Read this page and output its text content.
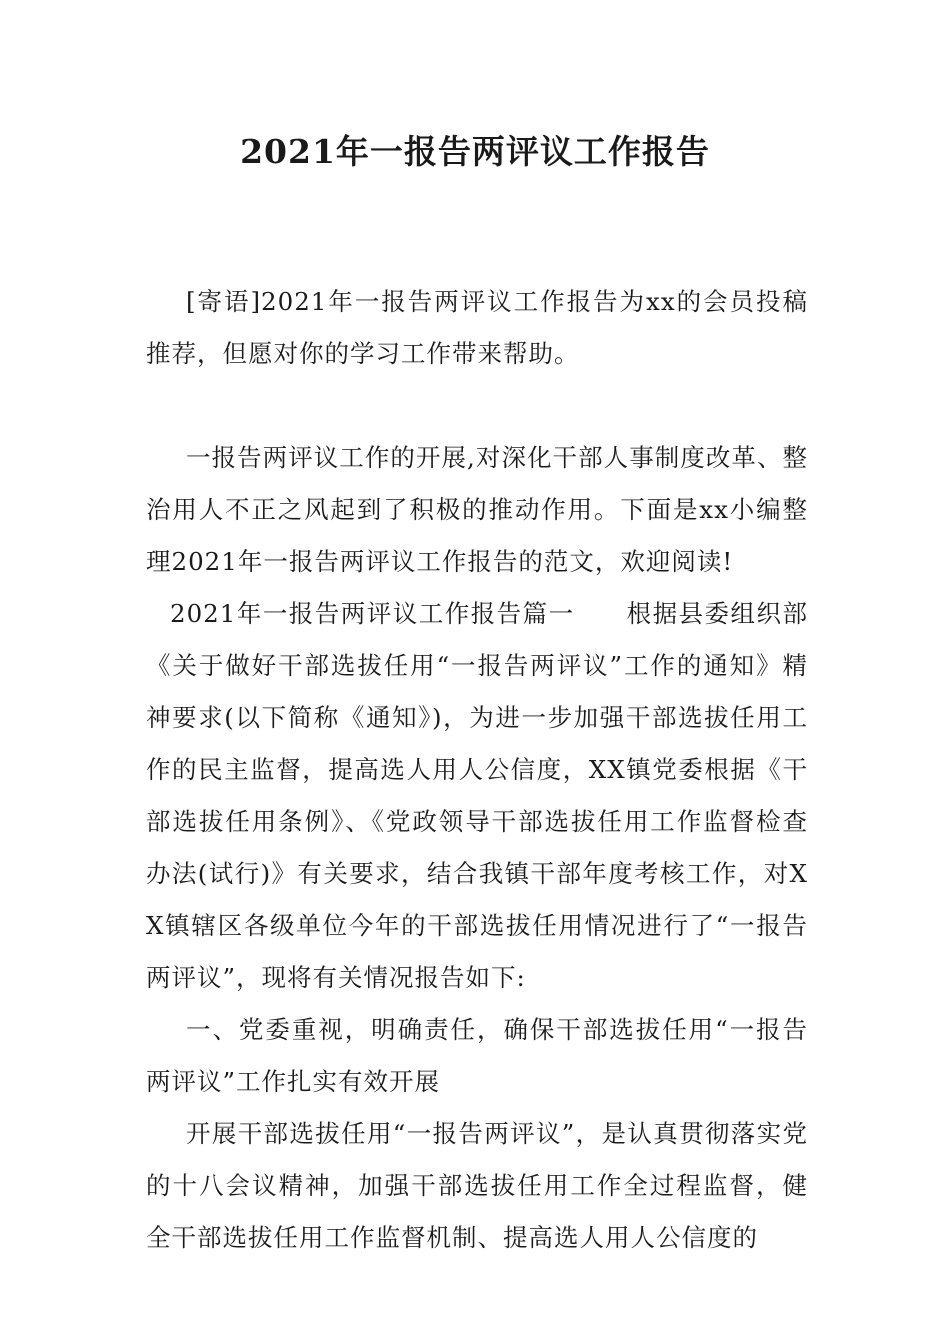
2021年一报告两评议工作报告

[寄语]2021年一报告两评议工作报告为xx的会员投稿推荐，但愿对你的学习工作带来帮助。

一报告两评议工作的开展,对深化干部人事制度改革、整治用人不正之风起到了积极的推动作用。下面是xx小编整理2021年一报告两评议工作报告的范文，欢迎阅读!

2021年一报告两评议工作报告篇一　　根据县委组织部《关于做好干部选拔任用“一报告两评议”工作的通知》精神要求(以下简称《通知》)，为进一步加强干部选拔任用工作的民主监督，提高选人用人公信度，XX镇党委根据《干部选拔任用条例》、《党政领导干部选拔任用工作监督检查办法(试行)》有关要求，结合我镇干部年度考核工作，对XX镇辖区各级单位今年的干部选拔任用情况进行了“一报告两评议”，现将有关情况报告如下:

一、党委重视，明确责任，确保干部选拔任用“一报告两评议”工作扎实有效开展

开展干部选拔任用“一报告两评议”，是认真贯彻落实党的十八会议精神，加强干部选拔任用工作全过程监督，健全干部选拔任用工作监督机制、提高选人用人公信度的
